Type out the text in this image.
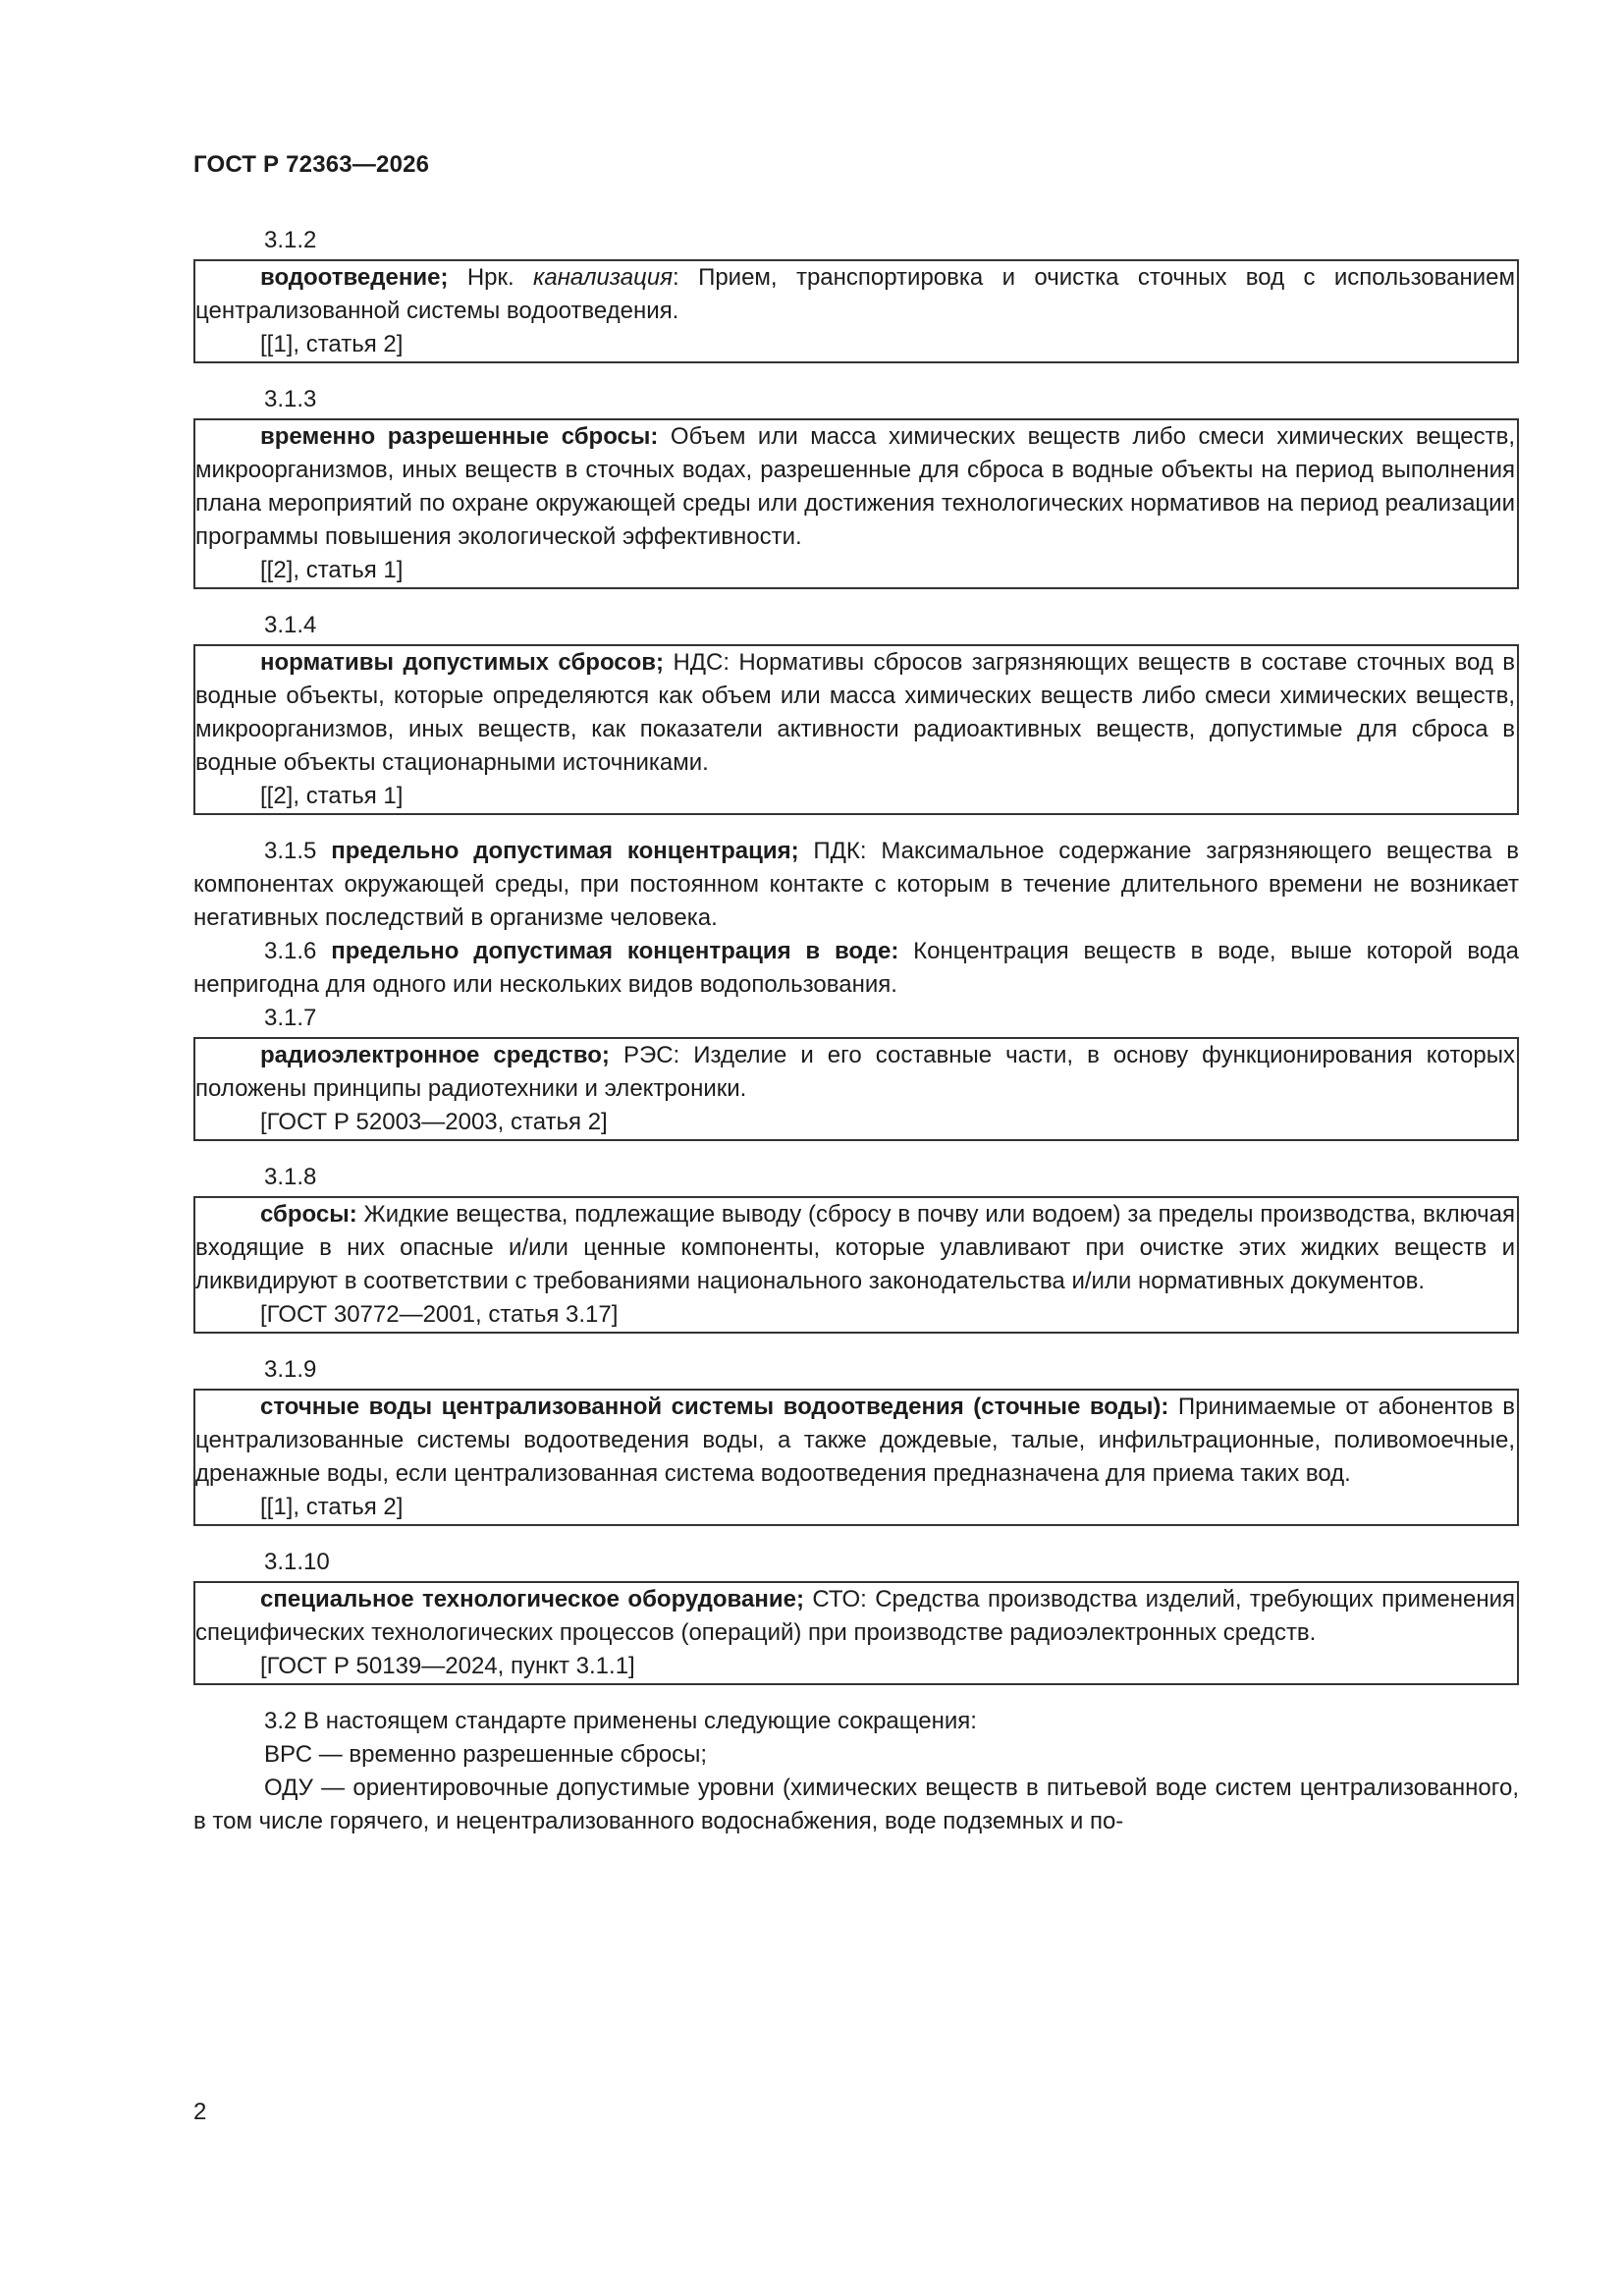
ГОСТ Р 72363—2026
3.1.2

водоотведение; Нрк. канализация: Прием, транспортировка и очистка сточных вод с использованием централизованной системы водоотведения.

[[1], статья 2]

3.1.3

временно разрешенные сбросы: Объем или масса химических веществ либо смеси химических веществ, микроорганизмов, иных веществ в сточных водах, разрешенные для сброса в водные объекты на период выполнения плана мероприятий по охране окружающей среды или достижения технологических нормативов на период реализации программы повышения экологической эффективности.

[[2], статья 1]

3.1.4

нормативы допустимых сбросов; НДС: Нормативы сбросов загрязняющих веществ в составе сточных вод в водные объекты, которые определяются как объем или масса химических веществ либо смеси химических веществ, микроорганизмов, иных веществ, как показатели активности радиоактивных веществ, допустимые для сброса в водные объекты стационарными источниками.

[[2], статья 1]

3.1.5 предельно допустимая концентрация; ПДК: Максимальное содержание загрязняющего вещества в компонентах окружающей среды, при постоянном контакте с которым в течение длительного времени не возникает негативных последствий в организме человека.

3.1.6 предельно допустимая концентрация в воде: Концентрация веществ в воде, выше которой вода непригодна для одного или нескольких видов водопользования.

3.1.7

радиоэлектронное средство; РЭС: Изделие и его составные части, в основу функционирования которых положены принципы радиотехники и электроники.

[ГОСТ Р 52003—2003, статья 2]

3.1.8

сбросы: Жидкие вещества, подлежащие выводу (сбросу в почву или водоем) за пределы производства, включая входящие в них опасные и/или ценные компоненты, которые улавливают при очистке этих жидких веществ и ликвидируют в соответствии с требованиями национального законодательства и/или нормативных документов.

[ГОСТ 30772—2001, статья 3.17]

3.1.9

сточные воды централизованной системы водоотведения (сточные воды): Принимаемые от абонентов в централизованные системы водоотведения воды, а также дождевые, талые, инфильтрационные, поливомоечные, дренажные воды, если централизованная система водоотведения предназначена для приема таких вод.

[[1], статья 2]

3.1.10

специальное технологическое оборудование; СТО: Средства производства изделий, требующих применения специфических технологических процессов (операций) при производстве радиоэлектронных средств.

[ГОСТ Р 50139—2024, пункт 3.1.1]

3.2 В настоящем стандарте применены следующие сокращения:

ВРС — временно разрешенные сбросы;

ОДУ — ориентировочные допустимые уровни (химических веществ в питьевой воде систем централизованного, в том числе горячего, и нецентрализованного водоснабжения, воде подземных и по-

2
